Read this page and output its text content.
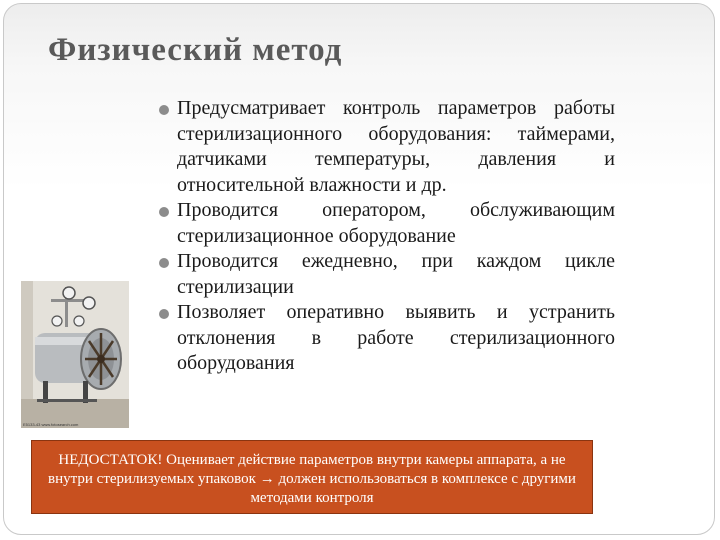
Физический метод
Предусматривает контроль параметров работы стерилизационного оборудования: таймерами, датчиками температуры, давления и относительной влажности и др.
Проводится оператором, обслуживающим стерилизационное оборудование
Проводится ежедневно, при каждом цикле стерилизации
Позволяет оперативно выявить и устранить отклонения в работе стерилизационного оборудования
E5133-43 www.fotosearch.com
НЕДОСТАТОК! Оценивает действие параметров внутри камеры аппарата, а не внутри стерилизуемых упаковок → должен использоваться в комплексе с другими методами контроля
